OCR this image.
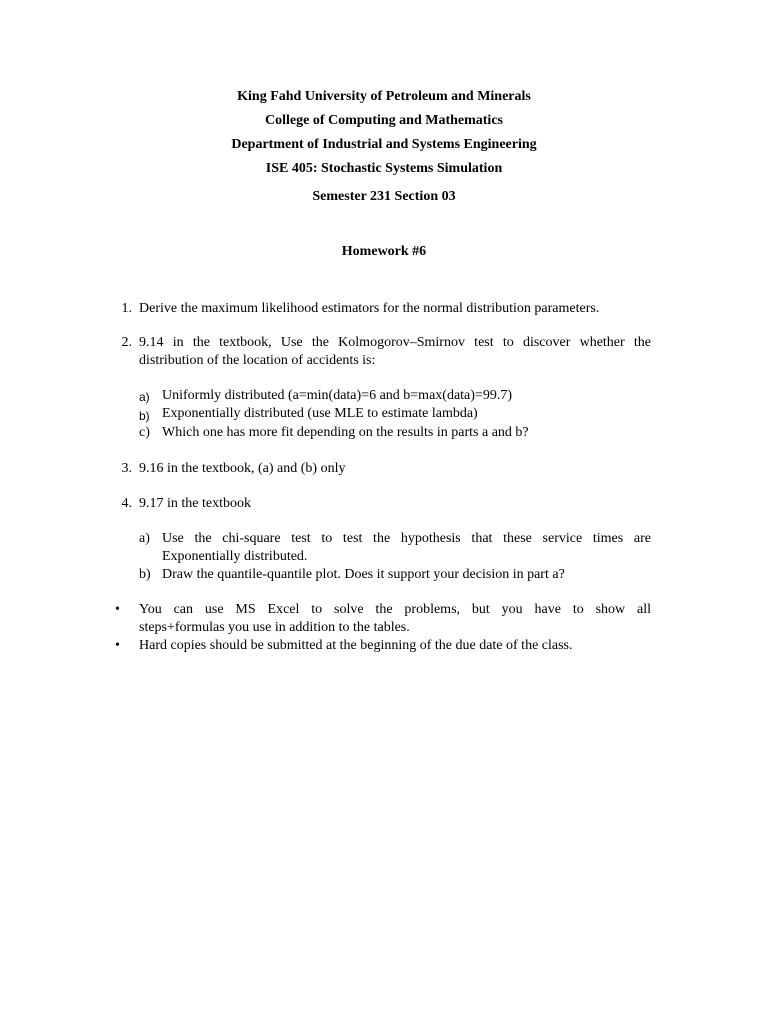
King Fahd University of Petroleum and Minerals
College of Computing and Mathematics
Department of Industrial and Systems Engineering
ISE 405: Stochastic Systems Simulation
Semester 231 Section 03
Homework #6
1. Derive the maximum likelihood estimators for the normal distribution parameters.
2. 9.14 in the textbook, Use the Kolmogorov–Smirnov test to discover whether the
distribution of the location of accidents is:
a) Uniformly distributed (a=min(data)=6 and b=max(data)=99.7)
b) Exponentially distributed (use MLE to estimate lambda)
c) Which one has more fit depending on the results in parts a and b?
3. 9.16 in the textbook, (a) and (b) only
4. 9.17 in the textbook
a) Use the chi-square test to test the hypothesis that these service times are
Exponentially distributed.
b) Draw the quantile-quantile plot. Does it support your decision in part a?
•	You can use MS Excel to solve the problems, but you have to show all
steps+formulas you use in addition to the tables.
•	Hard copies should be submitted at the beginning of the due date of the class.
